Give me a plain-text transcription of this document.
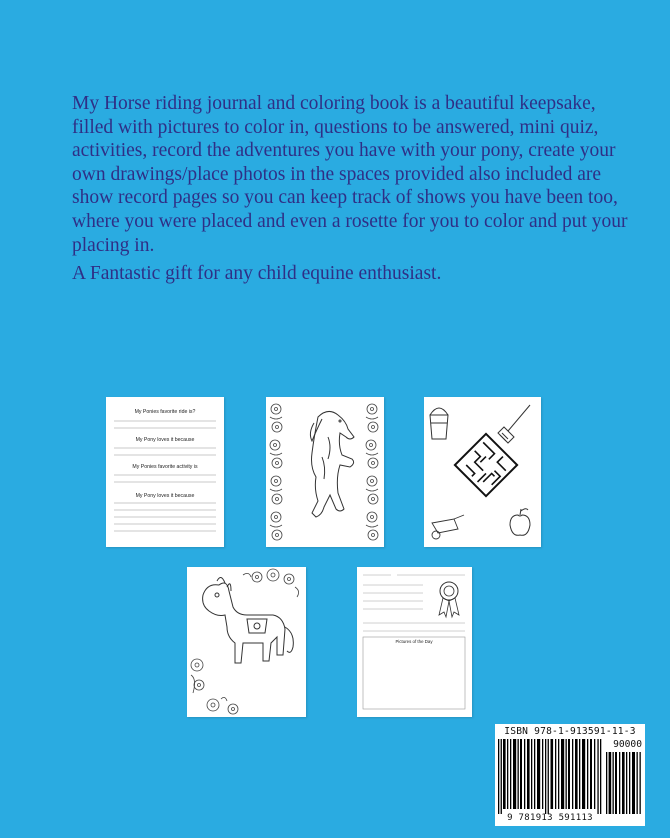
My Horse riding journal and coloring book is a beautiful keepsake, filled with pictures to color in, questions to be answered, mini quiz, activities, record the adventures you have with your pony, create your own drawings/place photos in the spaces provided also included are show record pages so you can keep track of shows you have been too, where you were placed and even a rosette for you to color and put your placing in.

A Fantastic gift for any child equine enthusiast.

My Ponies favorite ride is?
My Pony loves it because
My Ponies favorite activity is
My Pony loves it because
Pictures of the Day
ISBN 978-1-913591-11-3
90000
9 781913 591113
